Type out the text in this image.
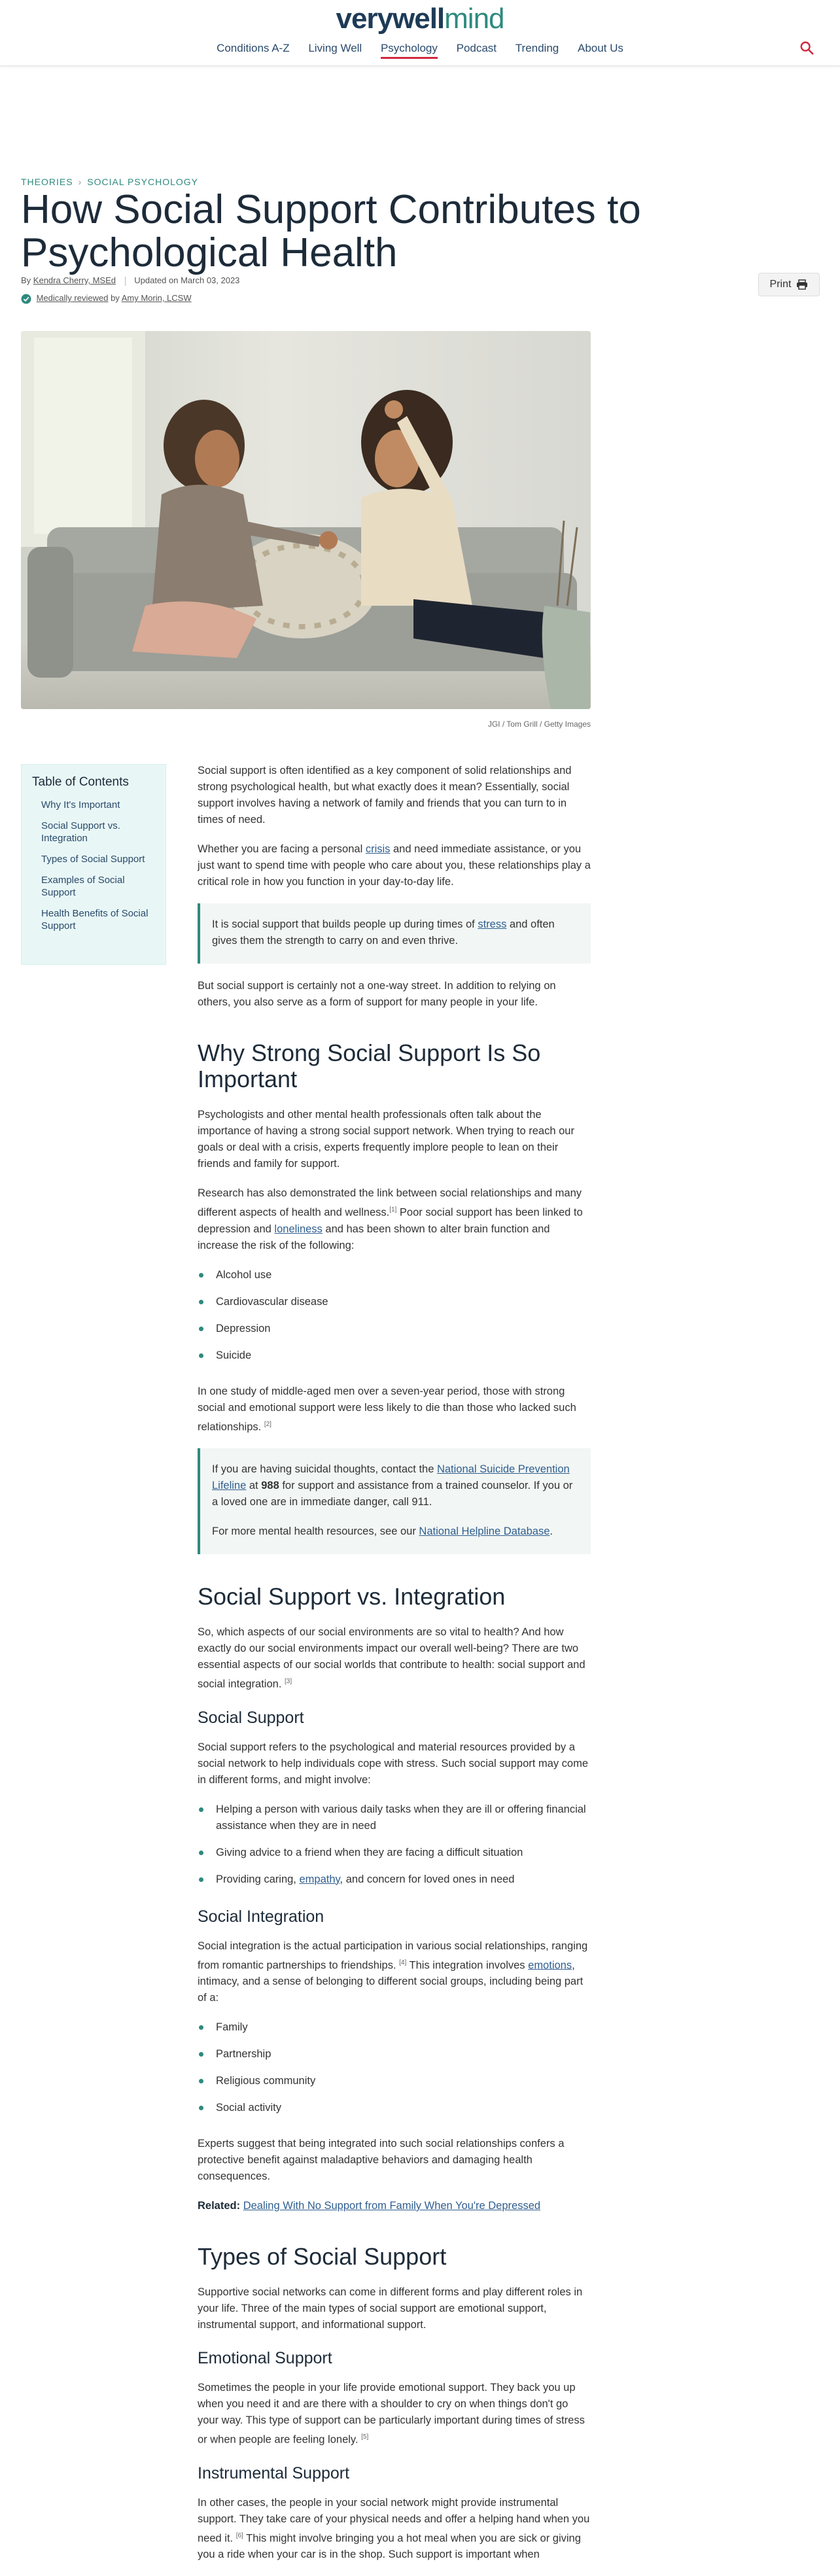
verywellmind
Conditions A-Z Living Well Psychology Podcast Trending About Us
THEORIES › SOCIAL PSYCHOLOGY
How Social Support Contributes to Psychological Health
By Kendra Cherry, MSEd Updated on March 03, 2023
Medically reviewed by Amy Morin, LCSW
Print
JGI / Tom Grill / Getty Images
Table of Contents
Why It's Important
Social Support vs. Integration
Types of Social Support
Examples of Social Support
Health Benefits of Social Support

Social support is often identified as a key component of solid relationships and strong psychological health, but what exactly does it mean? Essentially, social support involves having a network of family and friends that you can turn to in times of need.

Whether you are facing a personal crisis and need immediate assistance, or you just want to spend time with people who care about you, these relationships play a critical role in how you function in your day-to-day life.

It is social support that builds people up during times of stress and often gives them the strength to carry on and even thrive.

But social support is certainly not a one-way street. In addition to relying on others, you also serve as a form of support for many people in your life.

Why Strong Social Support Is So Important

Psychologists and other mental health professionals often talk about the importance of having a strong social support network. When trying to reach our goals or deal with a crisis, experts frequently implore people to lean on their friends and family for support.

Research has also demonstrated the link between social relationships and many different aspects of health and wellness.[1] Poor social support has been linked to depression and loneliness and has been shown to alter brain function and increase the risk of the following:

Alcohol use
Cardiovascular disease
Depression
Suicide

In one study of middle-aged men over a seven-year period, those with strong social and emotional support were less likely to die than those who lacked such relationships. [2]

If you are having suicidal thoughts, contact the National Suicide Prevention Lifeline at 988 for support and assistance from a trained counselor. If you or a loved one are in immediate danger, call 911.

For more mental health resources, see our National Helpline Database.

Social Support vs. Integration

So, which aspects of our social environments are so vital to health? And how exactly do our social environments impact our overall well-being? There are two essential aspects of our social worlds that contribute to health: social support and social integration. [3]

Social Support

Social support refers to the psychological and material resources provided by a social network to help individuals cope with stress. Such social support may come in different forms, and might involve:

Helping a person with various daily tasks when they are ill or offering financial assistance when they are in need
Giving advice to a friend when they are facing a difficult situation
Providing caring, empathy, and concern for loved ones in need
Social Integration

Social integration is the actual participation in various social relationships, ranging from romantic partnerships to friendships. [4] This integration involves emotions, intimacy, and a sense of belonging to different social groups, including being part of a:

Family
Partnership
Religious community
Social activity

Experts suggest that being integrated into such social relationships confers a protective benefit against maladaptive behaviors and damaging health consequences.

Related: Dealing With No Support from Family When You're Depressed

Types of Social Support

Supportive social networks can come in different forms and play different roles in your life. Three of the main types of social support are emotional support, instrumental support, and informational support.

Emotional Support

Sometimes the people in your life provide emotional support. They back you up when you need it and are there with a shoulder to cry on when things don't go your way. This type of support can be particularly important during times of stress or when people are feeling lonely. [5]

Instrumental Support

In other cases, the people in your social network might provide instrumental support. They take care of your physical needs and offer a helping hand when you need it. [6] This might involve bringing you a hot meal when you are sick or giving you a ride when your car is in the shop. Such support is important when
